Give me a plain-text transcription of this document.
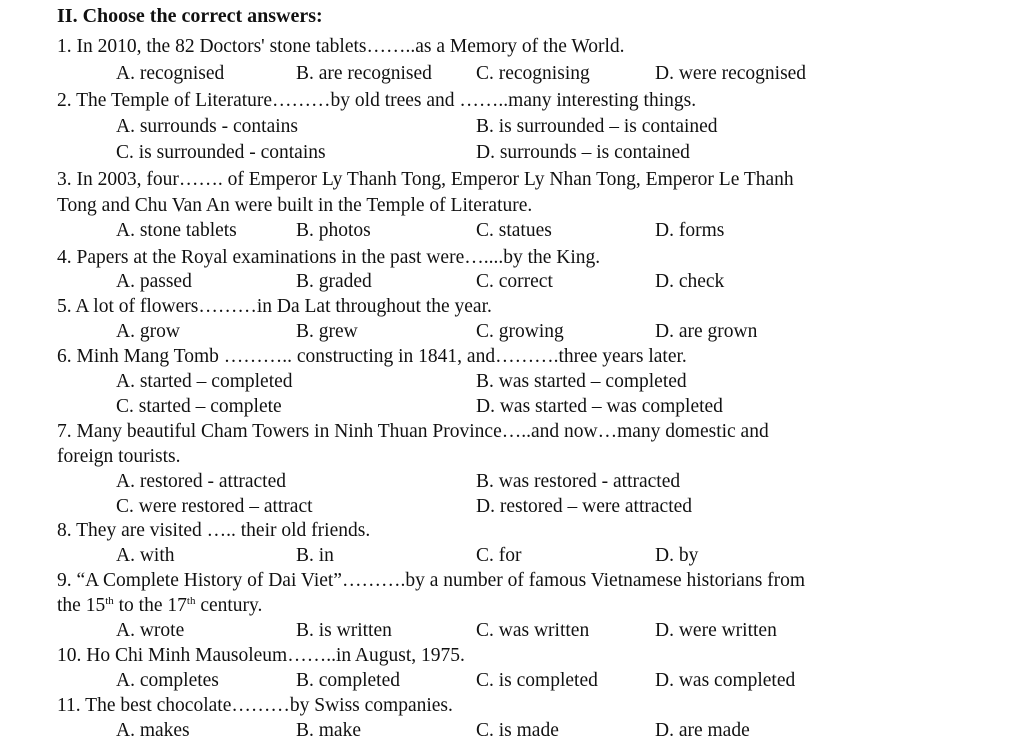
II. Choose the correct answers:
1. In 2010, the 82 Doctors' stone tablets……..as a Memory of the World.
A. recognised	B. are recognised C. recognising	D. were recognised
2. The Temple of Literature………by old trees and ……..many interesting things.
A. surrounds - contains	B. is surrounded – is contained
C. is surrounded - contains	D. surrounds – is contained
3. In 2003, four……. of Emperor Ly Thanh Tong, Emperor Ly Nhan Tong, Emperor Le Thanh
Tong and Chu Van An were built in the Temple of Literature.
A. stone tablets	B. photos	C. statues	D. forms
4. Papers at the Royal examinations in the past were…....by the King.
A. passed	B. graded	C. correct	D. check
5. A lot of flowers………in Da Lat throughout the year.
A. grow	B. grew	C. growing	D. are grown
6. Minh Mang Tomb ……….. constructing in 1841, and……….three years later.
A. started – completed	B. was started – completed
C. started – complete	D. was started – was completed
7. Many beautiful Cham Towers in Ninh Thuan Province…..and now…many domestic and
foreign tourists.
A. restored - attracted	B. was restored - attracted
C. were restored – attract	D. restored – were attracted
8. They are visited ….. their old friends.
A. with	B. in	C. for	D. by
9. “A Complete History of Dai Viet”……….by a number of famous Vietnamese historians from
the 15th to the 17th century.
A. wrote	B. is written	C. was written	D. were written
10. Ho Chi Minh Mausoleum……..in August, 1975.
A. completes	B. completed	C. is completed	D. was completed
11. The best chocolate………by Swiss companies.
A. makes	B. make	C. is made	D. are made
